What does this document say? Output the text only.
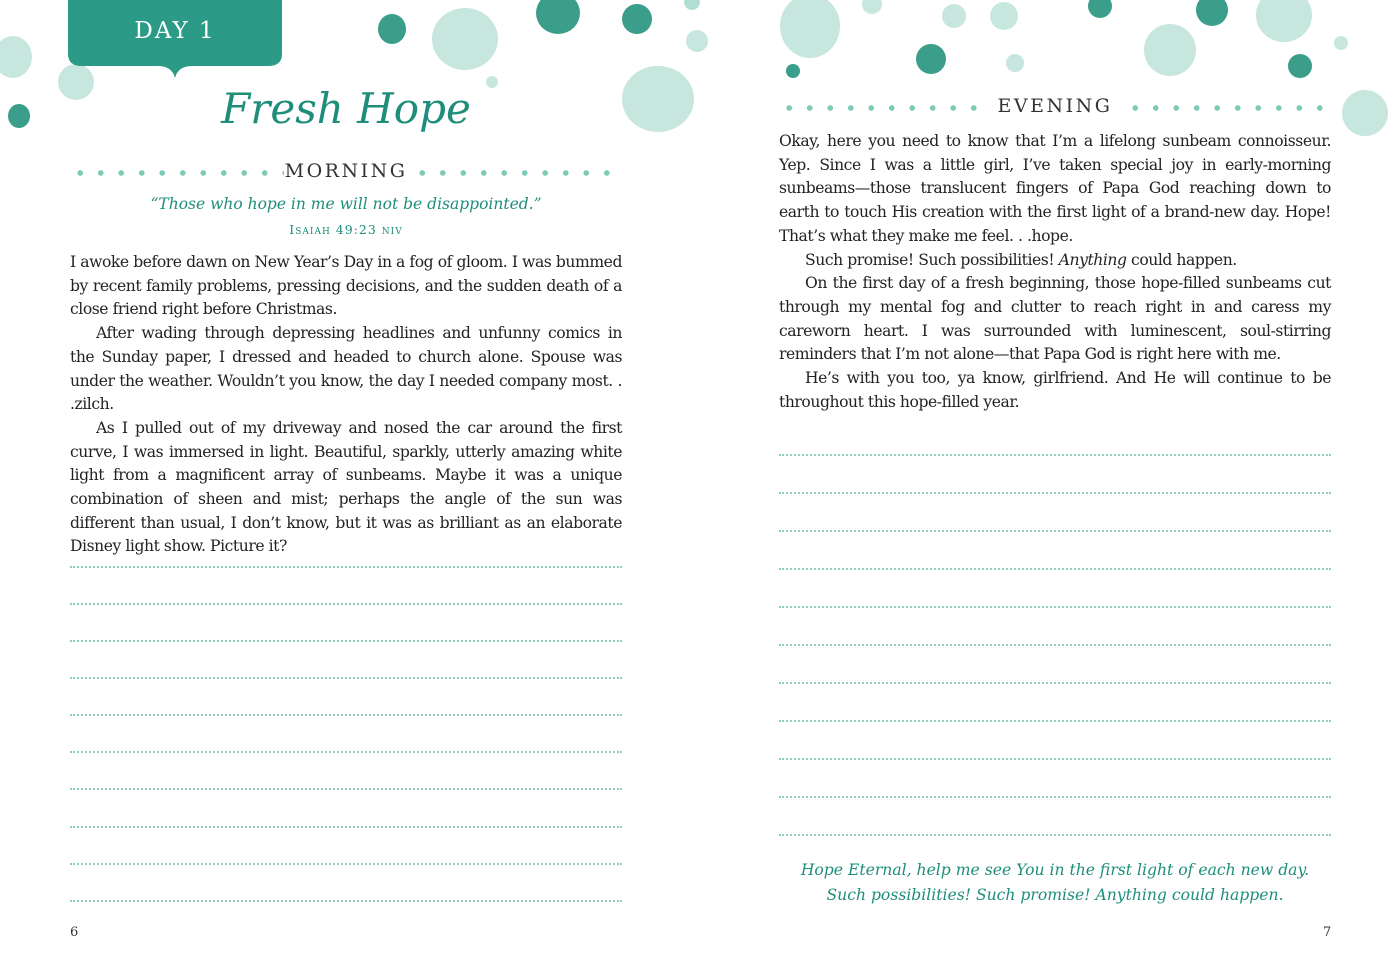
DAY 1
Fresh Hope
MORNING
“Those who hope in me will not be disappointed.”
Isaiah 49:23 niv

I awoke before dawn on New Year’s Day in a fog of gloom. I was bummed by recent family problems, pressing decisions, and the sudden death of a close friend right before Christmas.

After wading through depressing headlines and unfunny comics in the Sunday paper, I dressed and headed to church alone. Spouse was under the weather. Wouldn’t you know, the day I needed company most. . .zilch.

As I pulled out of my driveway and nosed the car around the first curve, I was immersed in light. Beautiful, sparkly, utterly amazing white light from a magnificent array of sunbeams. Maybe it was a unique combination of sheen and mist; perhaps the angle of the sun was different than usual, I don’t know, but it was as brilliant as an elaborate Disney light show. Picture it?

6
EVENING

Okay, here you need to know that I’m a lifelong sunbeam connoisseur. Yep. Since I was a little girl, I’ve taken special joy in early-morning sunbeams—those translucent fingers of Papa God reaching down to earth to touch His creation with the first light of a brand-new day. Hope! That’s what they make me feel. . .hope.

Such promise! Such possibilities! Anything could happen.

On the first day of a fresh beginning, those hope-filled sunbeams cut through my mental fog and clutter to reach right in and caress my careworn heart. I was surrounded with luminescent, soul-stirring reminders that I’m not alone—that Papa God is right here with me.

He’s with you too, ya know, girlfriend. And He will continue to be throughout this hope-filled year.

Hope Eternal, help me see You in the first light of each new day.
Such possibilities! Such promise! Anything could happen.
7
